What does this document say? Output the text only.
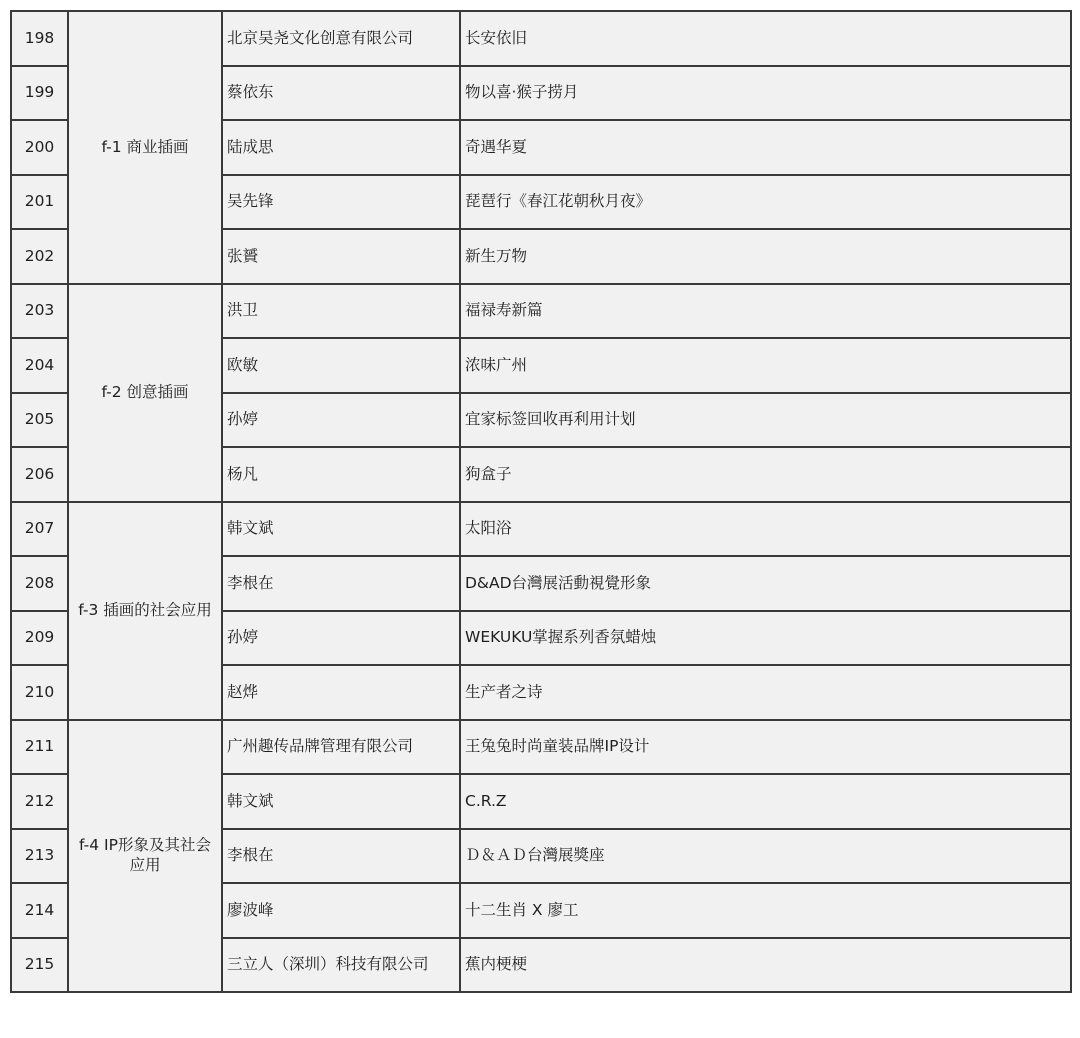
198	f-1 商业插画	北京吴尧文化创意有限公司	长安依旧
199		蔡依东	物以喜·猴子捞月
200		陆成思	奇遇华夏
201		吴先锋	琵琶行《春江花朝秋月夜》
202		张贇	新生万物
203	f-2 创意插画	洪卫	福禄寿新篇
204		欧敏	浓味广州
205		孙婷	宜家标签回收再利用计划
206		杨凡	狗盒子
207	f-3 插画的社会应用	韩文斌	太阳浴
208		李根在	D&AD台灣展活動視覺形象
209		孙婷	WEKUKU掌握系列香氛蜡烛
210		赵烨	生产者之诗
211	f-4 IP形象及其社会应用	广州趣传品牌管理有限公司	王兔兔时尚童装品牌IP设计
212		韩文斌	C.R.Z
213		李根在	Ｄ＆ＡＤ台灣展獎座
214		廖波峰	十二生肖 X 廖工
215		三立人（深圳）科技有限公司	蕉内梗梗
